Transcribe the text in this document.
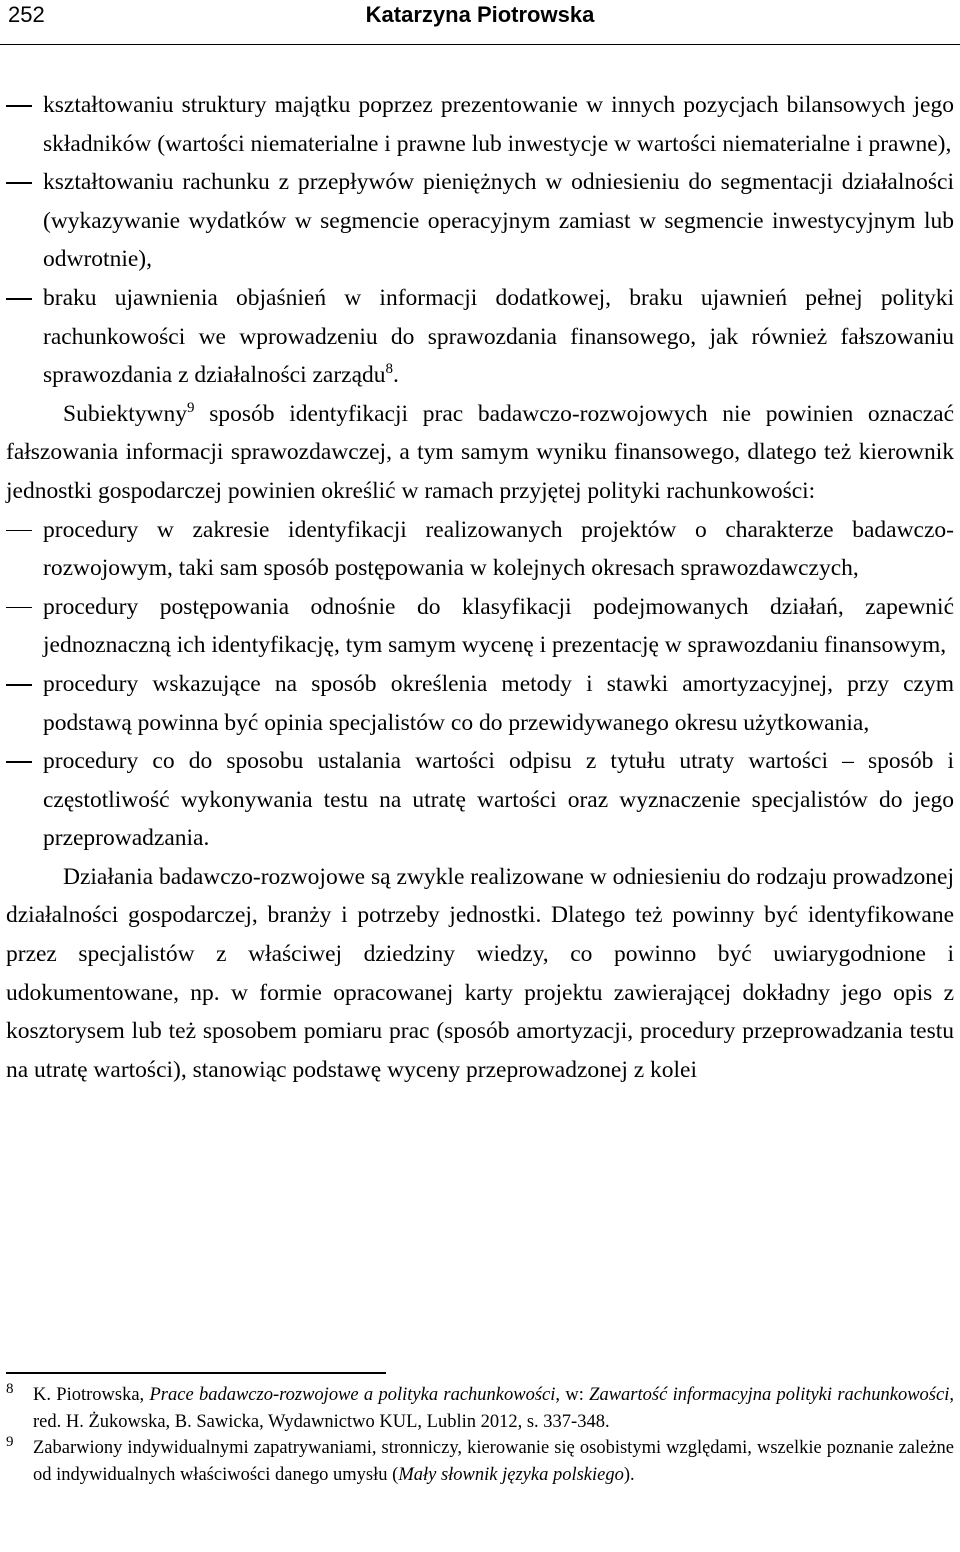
252	Katarzyna Piotrowska
kształtowaniu struktury majątku poprzez prezentowanie w innych pozycjach bilansowych jego składników (wartości niematerialne i prawne lub inwestycje w wartości niematerialne i prawne),
kształtowaniu rachunku z przepływów pieniężnych w odniesieniu do segmentacji działalności (wykazywanie wydatków w segmencie operacyjnym zamiast w segmencie inwestycyjnym lub odwrotnie),
braku ujawnienia objaśnień w informacji dodatkowej, braku ujawnień pełnej polityki rachunkowości we wprowadzeniu do sprawozdania finansowego, jak również fałszowaniu sprawozdania z działalności zarządu$^8$.
Subiektywny$^9$ sposób identyfikacji prac badawczo-rozwojowych nie powinien oznaczać fałszowania informacji sprawozdawczej, a tym samym wyniku finansowego, dlatego też kierownik jednostki gospodarczej powinien określić w ramach przyjętej polityki rachunkowości:
procedury w zakresie identyfikacji realizowanych projektów o charakterze badawczo-rozwojowym, taki sam sposób postępowania w kolejnych okresach sprawozdawczych,
procedury postępowania odnośnie do klasyfikacji podejmowanych działań, zapewnić jednoznaczną ich identyfikację, tym samym wycenę i prezentację w sprawozdaniu finansowym,
procedury wskazujące na sposób określenia metody i stawki amortyzacyjnej, przy czym podstawą powinna być opinia specjalistów co do przewidywanego okresu użytkowania,
procedury co do sposobu ustalania wartości odpisu z tytułu utraty wartości – sposób i częstotliwość wykonywania testu na utratę wartości oraz wyznaczenie specjalistów do jego przeprowadzania.
Działania badawczo-rozwojowe są zwykle realizowane w odniesieniu do rodzaju prowadzonej działalności gospodarczej, branży i potrzeby jednostki. Dlatego też powinny być identyfikowane przez specjalistów z właściwej dziedziny wiedzy, co powinno być uwiarygodnione i udokumentowane, np. w formie opracowanej karty projektu zawierającej dokładny jego opis z kosztorysem lub też sposobem pomiaru prac (sposób amortyzacji, procedury przeprowadzania testu na utratę wartości), stanowiąc podstawę wyceny przeprowadzonej z kolei
8 K. Piotrowska, Prace badawczo-rozwojowe a polityka rachunkowości, w: Zawartość informacyjna polityki rachunkowości, red. H. Żukowska, B. Sawicka, Wydawnictwo KUL, Lublin 2012, s. 337-348.
9 Zabarwiony indywidualnymi zapatrywaniami, stronniczy, kierowanie się osobistymi względami, wszelkie poznanie zależne od indywidualnych właściwości danego umysłu (Mały słownik języka polskiego).
